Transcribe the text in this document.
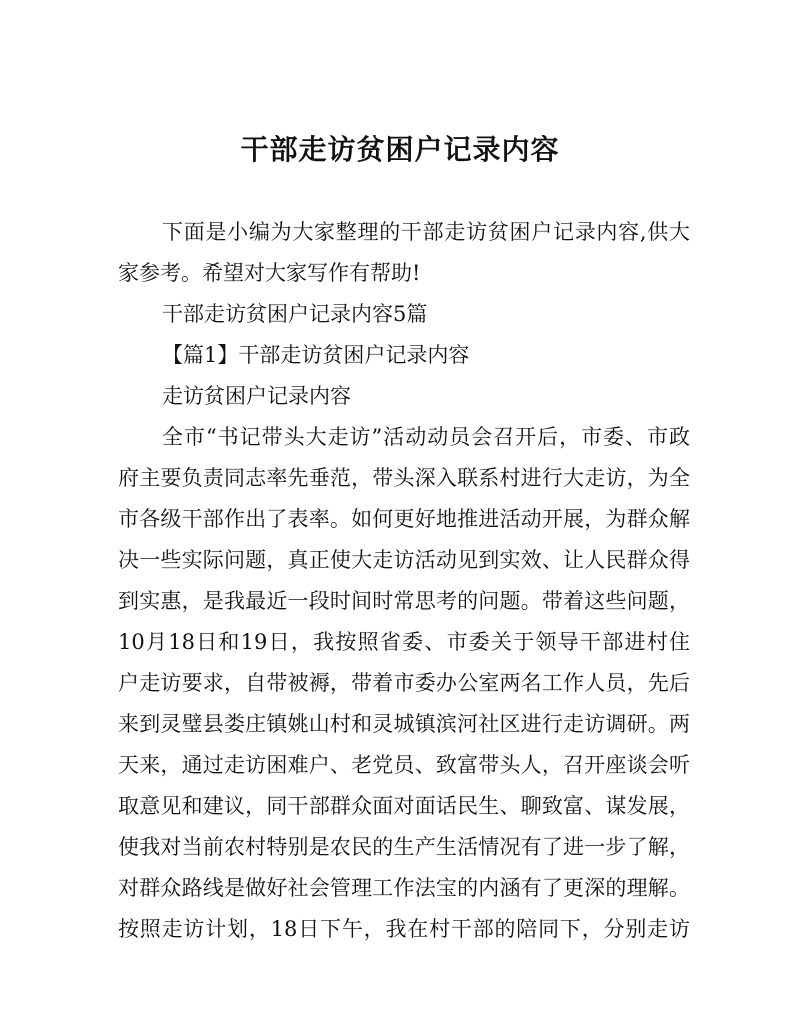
干部走访贫困户记录内容
下面是小编为大家整理的干部走访贫困户记录内容,供大
家参考。希望对大家写作有帮助!
干部走访贫困户记录内容5篇
【篇1】干部走访贫困户记录内容
走访贫困户记录内容
全市“书记带头大走访”活动动员会召开后，市委、市政
府主要负责同志率先垂范，带头深入联系村进行大走访，为全
市各级干部作出了表率。如何更好地推进活动开展，为群众解
决一些实际问题，真正使大走访活动见到实效、让人民群众得
到实惠，是我最近一段时间时常思考的问题。带着这些问题，
10月18日和19日，我按照省委、市委关于领导干部进村住
户走访要求，自带被褥，带着市委办公室两名工作人员，先后
来到灵璧县娄庄镇姚山村和灵城镇滨河社区进行走访调研。两
天来，通过走访困难户、老党员、致富带头人，召开座谈会听
取意见和建议，同干部群众面对面话民生、聊致富、谋发展，
使我对当前农村特别是农民的生产生活情况有了进一步了解，
对群众路线是做好社会管理工作法宝的内涵有了更深的理解。
按照走访计划，18日下午，我在村干部的陪同下，分别走访
